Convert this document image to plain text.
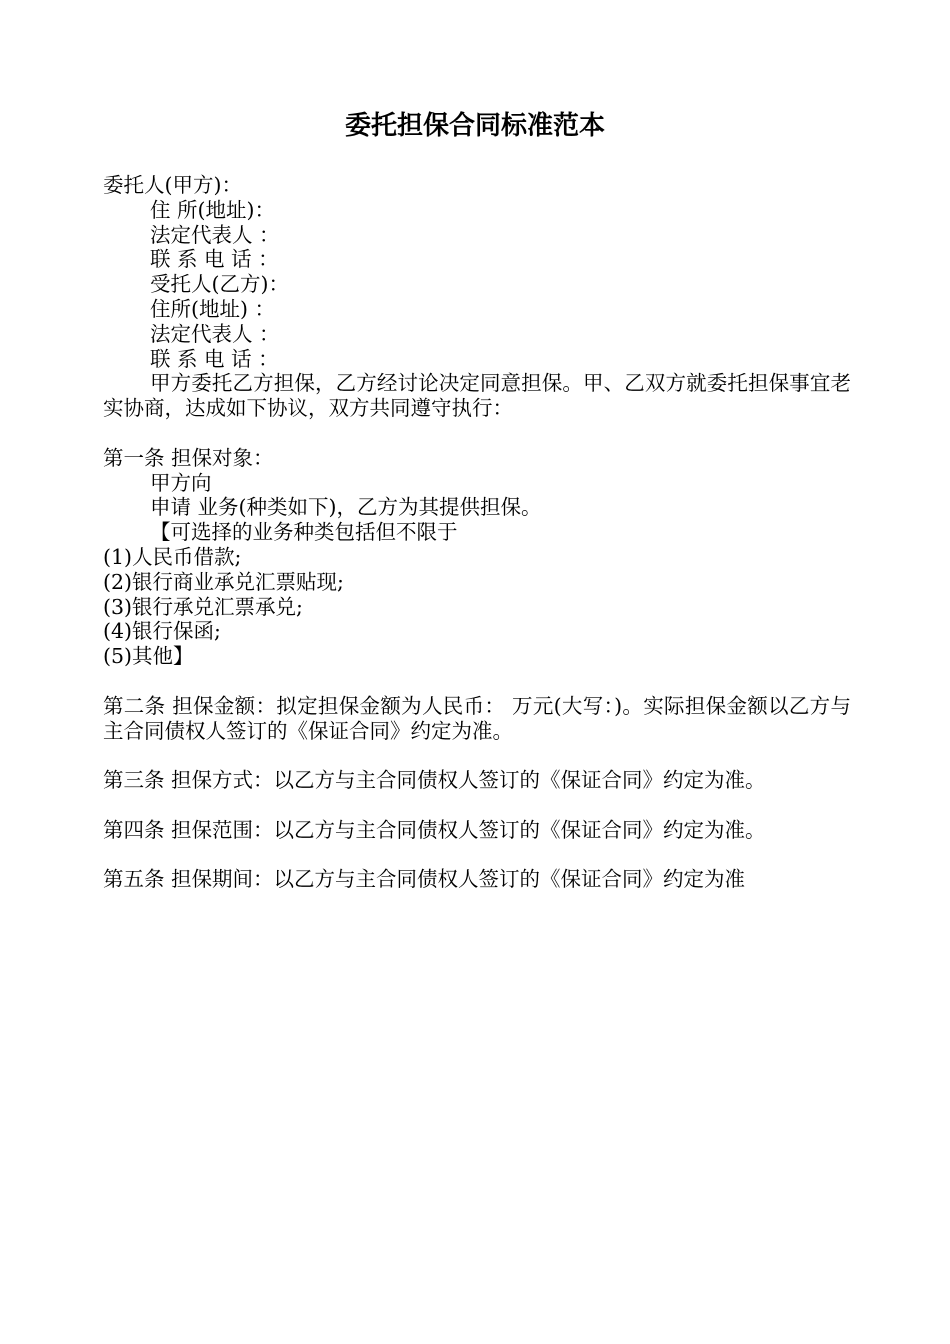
委托担保合同标准范本
委托人(甲方)：
住 所(地址)：
法定代表人 ：
联 系 电 话 ：
受托人(乙方)：
住所(地址) ：
法定代表人 ：
联 系 电 话 ：
甲方委托乙方担保，乙方经讨论决定同意担保。甲、乙双方就委托担保事宜老实协商，达成如下协议，双方共同遵守执行：
第一条 担保对象：
甲方向
申请 业务(种类如下)，乙方为其提供担保。
【可选择的业务种类包括但不限于
(1)人民币借款;
(2)银行商业承兑汇票贴现;
(3)银行承兑汇票承兑;
(4)银行保函;
(5)其他】
第二条 担保金额：拟定担保金额为人民币： 万元(大写：)。实际担保金额以乙方与主合同债权人签订的《保证合同》约定为准。
第三条 担保方式：以乙方与主合同债权人签订的《保证合同》约定为准。
第四条 担保范围：以乙方与主合同债权人签订的《保证合同》约定为准。
第五条 担保期间：以乙方与主合同债权人签订的《保证合同》约定为准
